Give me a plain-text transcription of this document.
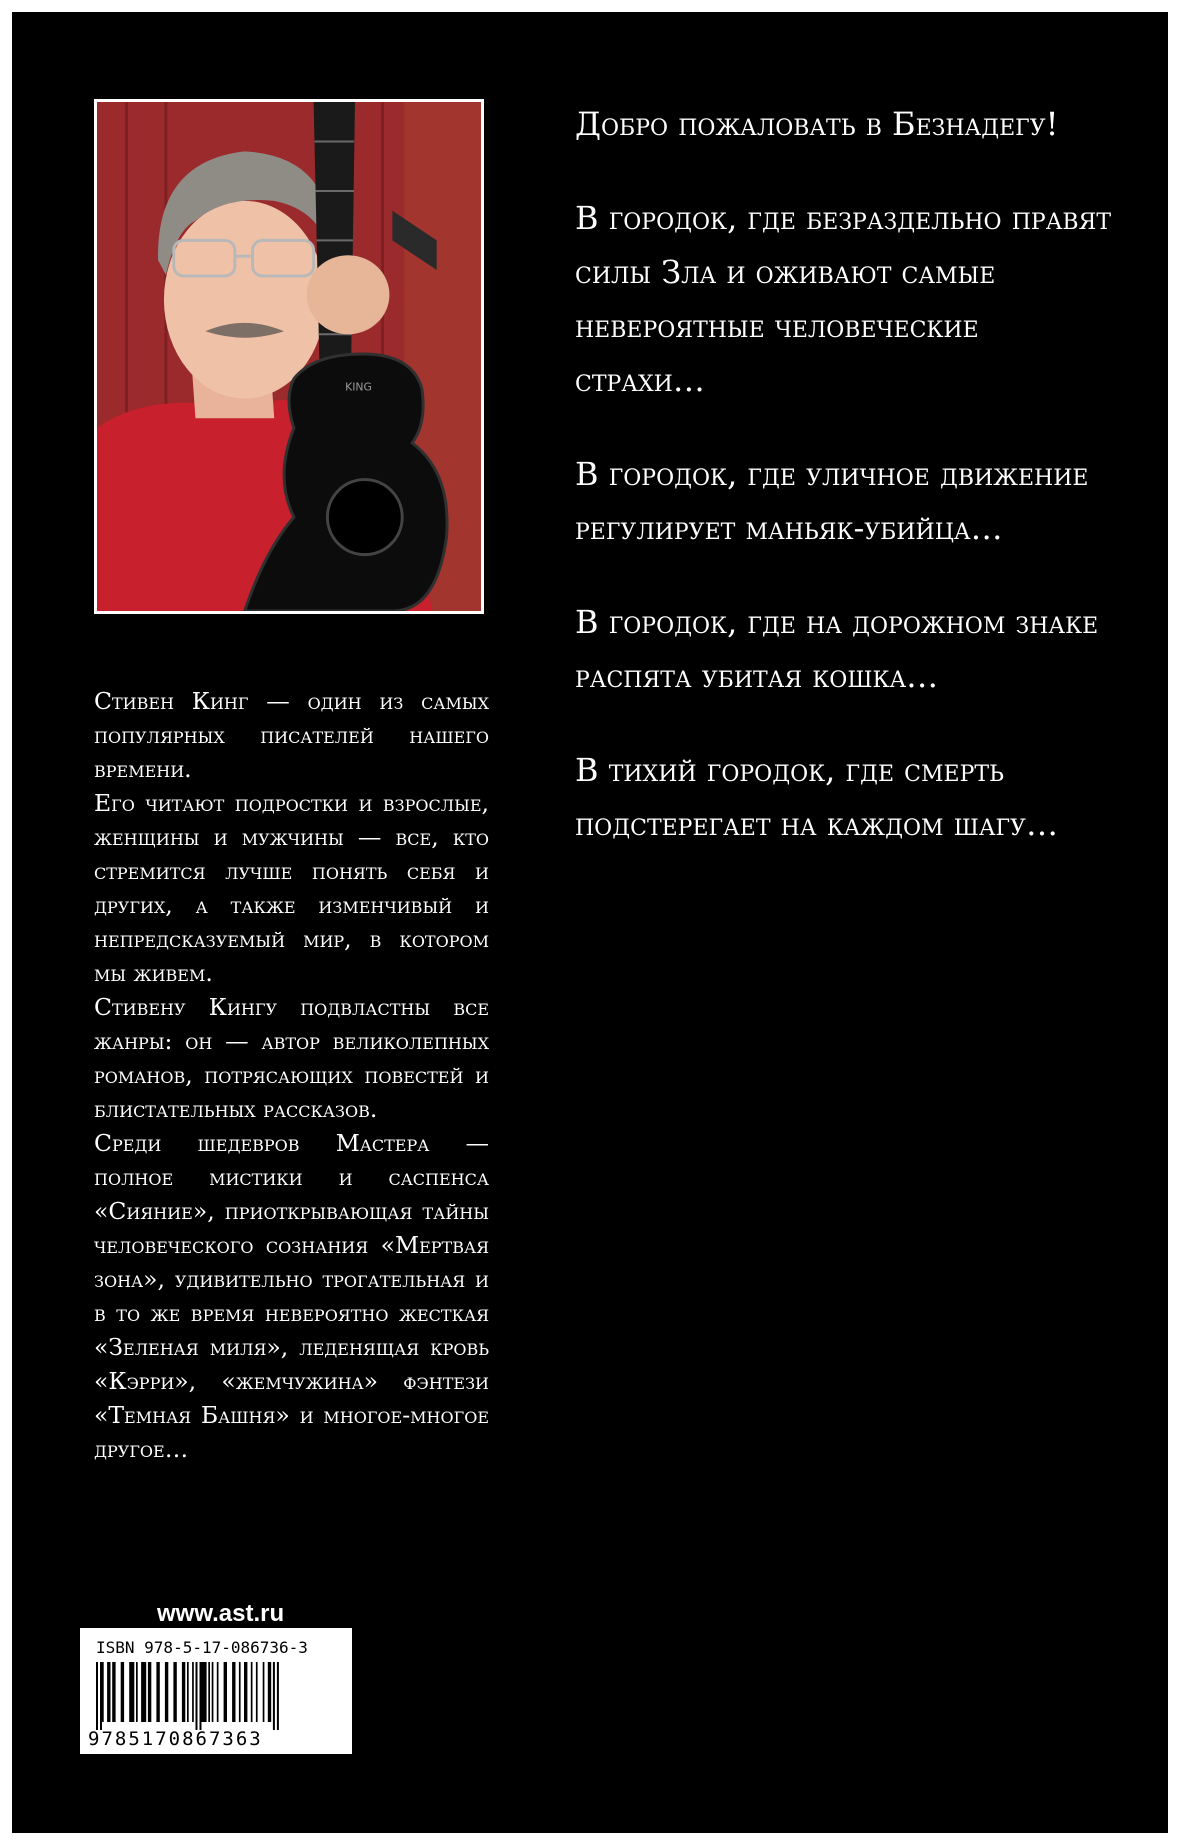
KING

Добро пожаловать в Безнадегу!

В городок, где безраздельно правят силы Зла и оживают самые невероятные человеческие страхи…

В городок, где уличное движение регулирует маньяк-убийца…

В городок, где на дорожном знаке распята убитая кошка…

В тихий городок, где смерть подстерегает на каждом шагу…

Стивен Кинг — один из самых популярных писателей нашего времени.

Его читают подростки и взрослые, женщины и мужчины — все, кто стремится лучше понять себя и других, а также изменчивый и непредсказуемый мир, в котором мы живем.

Стивену Кингу подвластны все жанры: он — автор великолепных романов, потрясающих повестей и блистательных рассказов.

Среди шедевров Мастера — полное мистики и саспенса «Сияние», приоткрывающая тайны человеческого сознания «Мертвая зона», удивительно трогательная и в то же время невероятно жесткая «Зеленая миля», леденящая кровь «Кэрри», «жемчужина» фэнтези «Темная Башня» и многое-многое другое…

www.ast.ru
ISBN 978-5-17-086736-3
9785170867363
